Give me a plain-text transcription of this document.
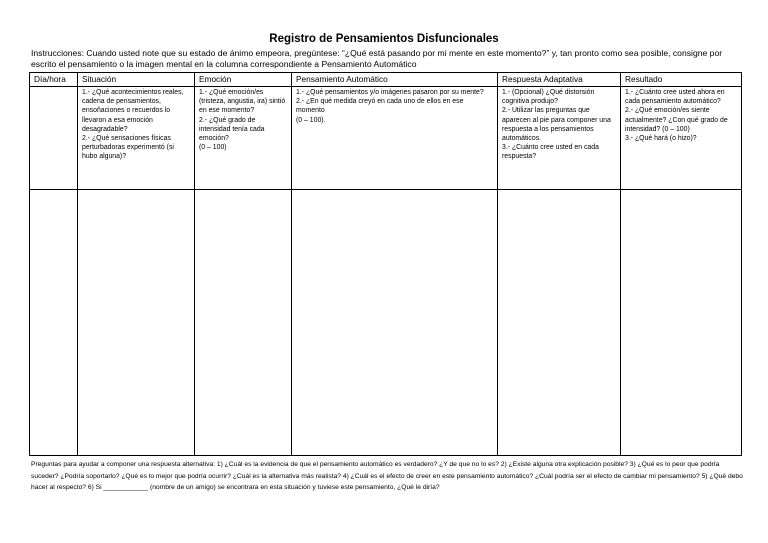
Registro de Pensamientos Disfuncionales
Instrucciones: Cuando usted note que su estado de ánimo empeora, pregúntese: “¿Qué está pasando por mi mente en este momento?” y, tan pronto como sea posible, consigne por escrito el pensamiento o la imagen mental en la columna correspondiente a Pensamiento Automático
Día/hora	Situación	Emoción	Pensamiento Automático	Respuesta Adaptativa	Resultado

	1.- ¿Qué acontecimientos reales, cadena de pensamientos, ensoñaciones o recuerdos lo llevaron a esa emoción desagradable?
2.- ¿Qué sensaciones físicas perturbadoras experimentó (si hubo alguna)?	1.- ¿Qué emoción/es (tristeza, angustia, ira) sintió en ese momento?
2.- ¿Qué grado de intensidad tenía cada emoción?
(0 – 100)	1.- ¿Qué pensamientos y/o imágenes pasaron por su mente?
2.- ¿En qué medida creyó en cada uno de ellos en ese momento
(0 – 100).	1.- (Opcional) ¿Qué distorsión cognitiva produjo?
2.- Utilizar las preguntas que aparecen al pie para componer una respuesta a los pensamientos automáticos.
3.- ¿Cuánto cree usted en cada respuesta?	1.- ¿Cuánto cree usted ahora en cada pensamiento automático?
2.- ¿Qué emoción/es siente actualmente? ¿Con qué grado de intensidad? (0 – 100)
3.- ¿Qué hará (o hizo)?

Preguntas para ayudar a componer una respuesta alternativa: 1) ¿Cuál es la evidencia de que el pensamiento automático es verdadero? ¿Y de que no lo es? 2) ¿Existe alguna otra explicación posible? 3) ¿Qué es lo peor que podría suceder? ¿Podría soportarlo? ¿Qué es lo mejor que podría ocurrir? ¿Cuál es la alternativa más realista? 4) ¿Cuál es el efecto de creer en este pensamiento automático? ¿Cuál podría ser el efecto de cambiar mi pensamiento? 5) ¿Qué debo hacer al respecto? 6) Si ____________ (nombre de un amigo) se encontrara en esta situación y tuviese este pensamiento, ¿Qué le diría?
